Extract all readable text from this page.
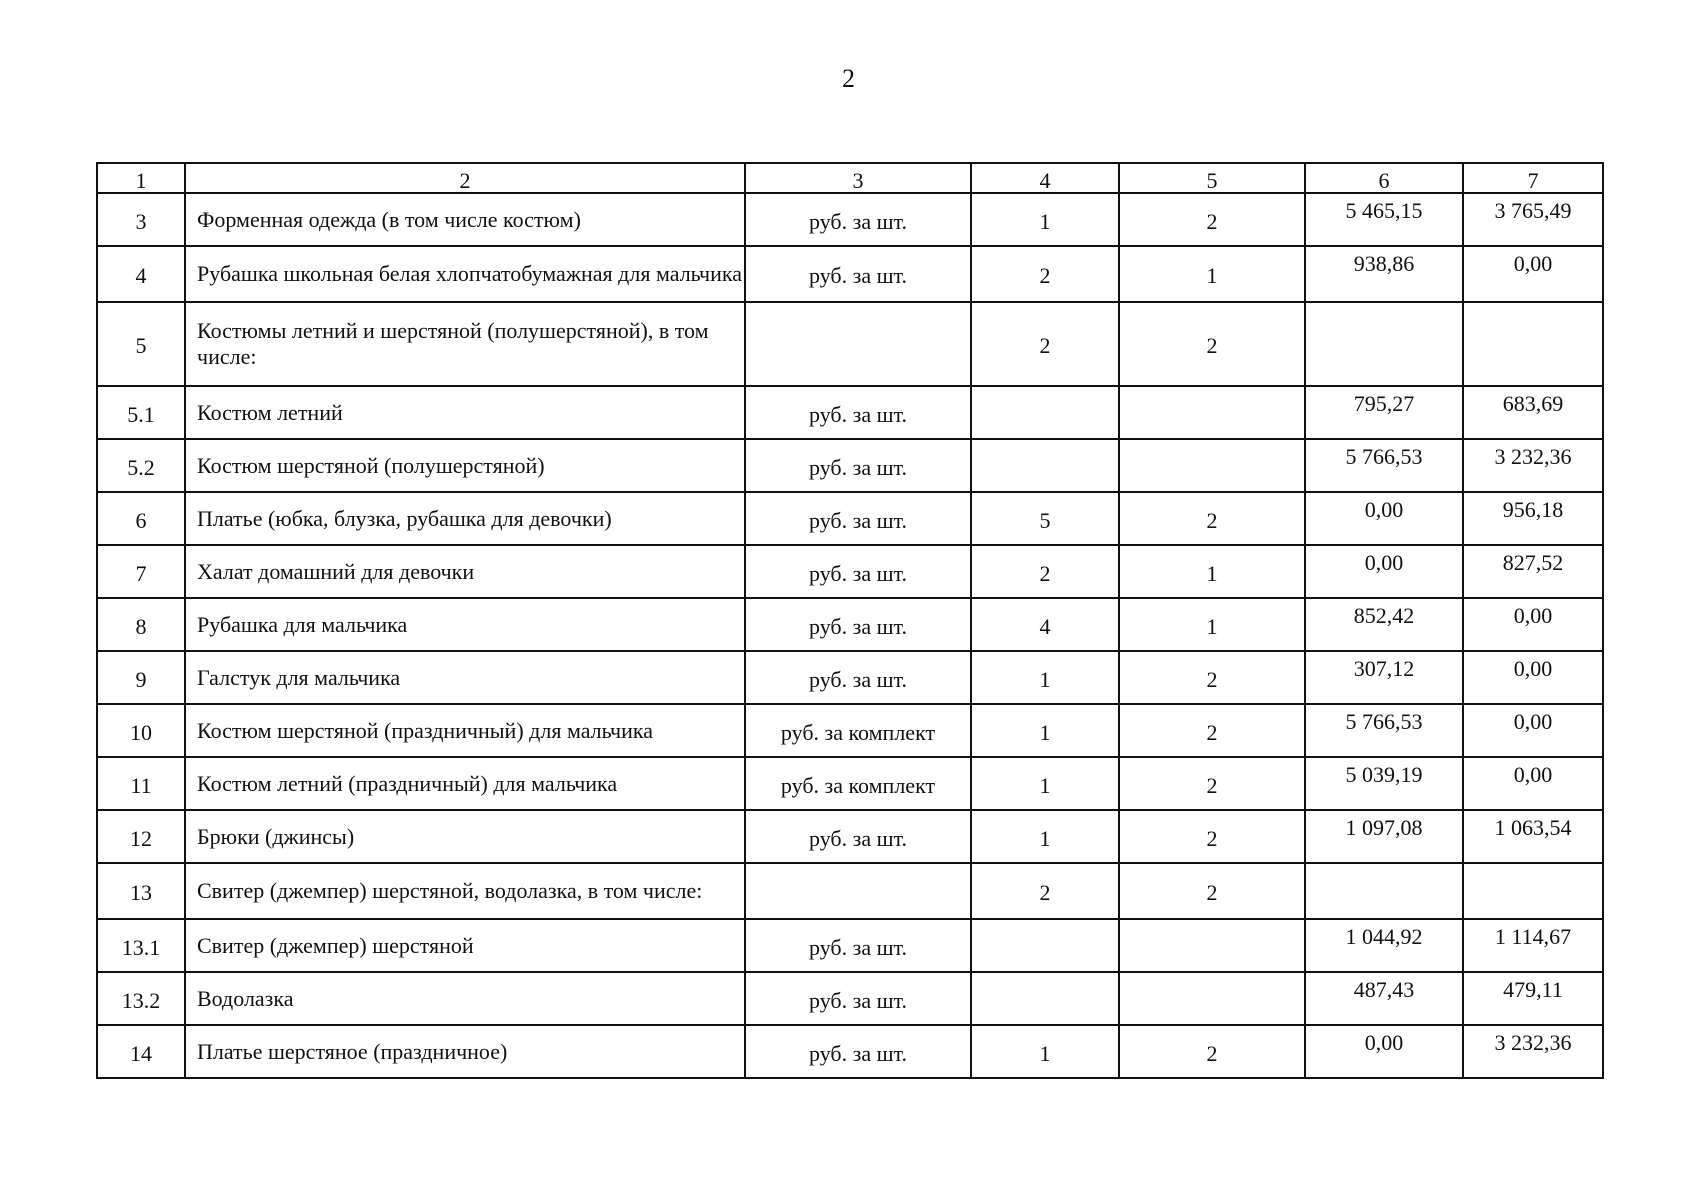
2
1	2	3	4	5	6	7
3	Форменная одежда (в том числе костюм)	руб. за шт.	1	2	5 465,15	3 765,49
4	Рубашка школьная белая хлопчатобумажная для мальчика	руб. за шт.	2	1	938,86	0,00
5	Костюмы летний и шерстяной (полушерстяной), в том числе:		2	2		
5.1	Костюм летний	руб. за шт.			795,27	683,69
5.2	Костюм шерстяной (полушерстяной)	руб. за шт.			5 766,53	3 232,36
6	Платье (юбка, блузка, рубашка для девочки)	руб. за шт.	5	2	0,00	956,18
7	Халат домашний для девочки	руб. за шт.	2	1	0,00	827,52
8	Рубашка для мальчика	руб. за шт.	4	1	852,42	0,00
9	Галстук для мальчика	руб. за шт.	1	2	307,12	0,00
10	Костюм шерстяной (праздничный) для мальчика	руб. за комплект	1	2	5 766,53	0,00
11	Костюм летний (праздничный) для мальчика	руб. за комплект	1	2	5 039,19	0,00
12	Брюки (джинсы)	руб. за шт.	1	2	1 097,08	1 063,54
13	Свитер (джемпер) шерстяной, водолазка, в том числе:		2	2		
13.1	Свитер (джемпер) шерстяной	руб. за шт.			1 044,92	1 114,67
13.2	Водолазка	руб. за шт.			487,43	479,11
14	Платье шерстяное (праздничное)	руб. за шт.	1	2	0,00	3 232,36
